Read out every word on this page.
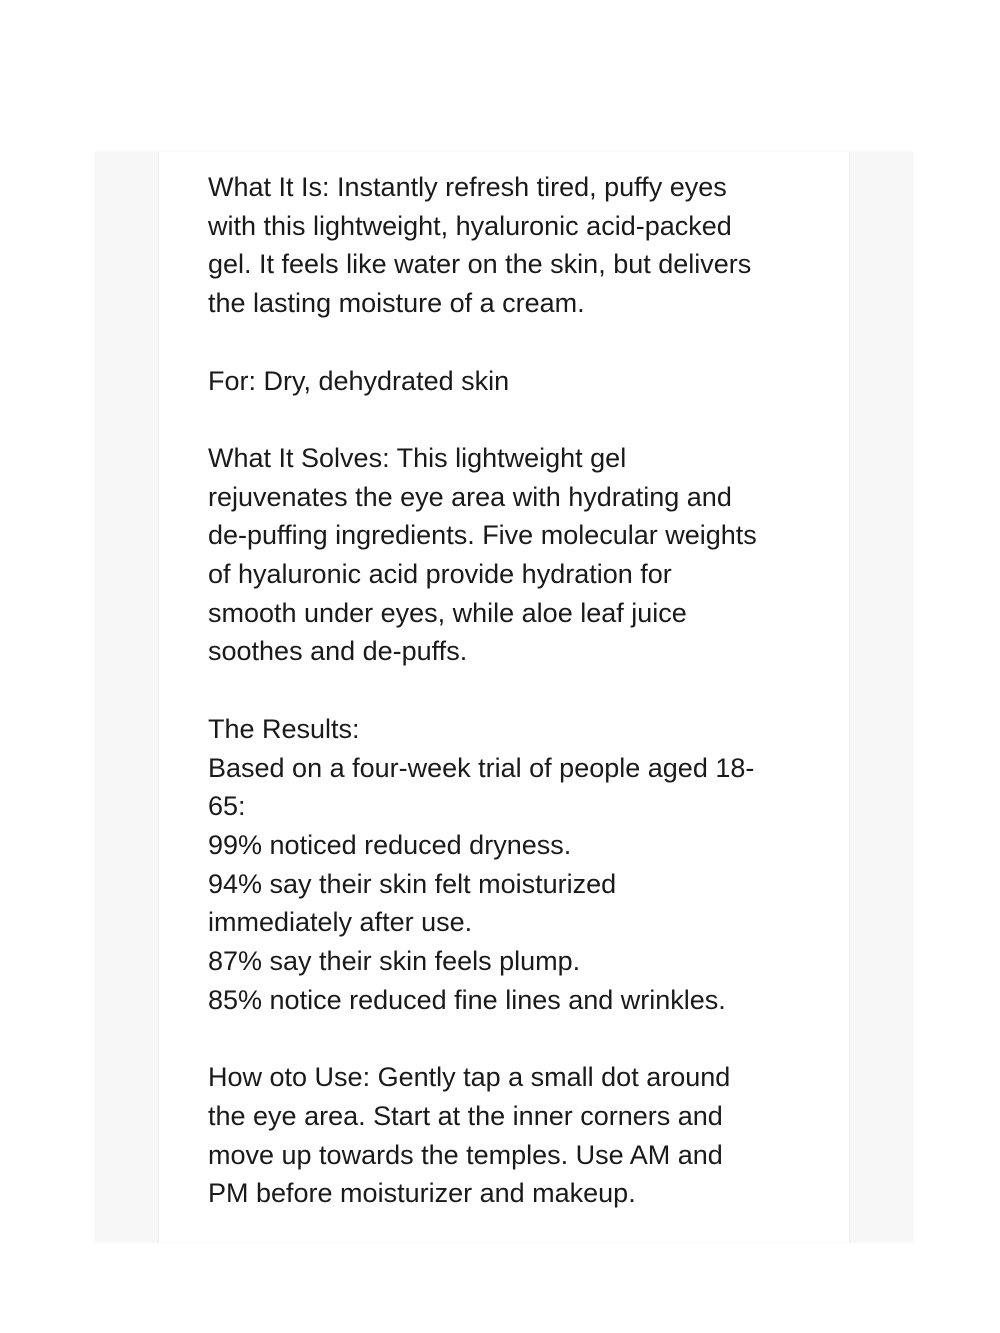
What It Is: Instantly refresh tired, puffy eyes

with this lightweight, hyaluronic acid-packed

gel. It feels like water on the skin, but delivers

the lasting moisture of a cream.

For: Dry, dehydrated skin

What It Solves: This lightweight gel

rejuvenates the eye area with hydrating and

de-puffing ingredients. Five molecular weights

of hyaluronic acid provide hydration for

smooth under eyes, while aloe leaf juice

soothes and de-puffs.

The Results:

Based on a four-week trial of people aged 18-

65:

99% noticed reduced dryness.

94% say their skin felt moisturized

immediately after use.

87% say their skin feels plump.

85% notice reduced fine lines and wrinkles.

How oto Use: Gently tap a small dot around

the eye area. Start at the inner corners and

move up towards the temples. Use AM and

PM before moisturizer and makeup.
